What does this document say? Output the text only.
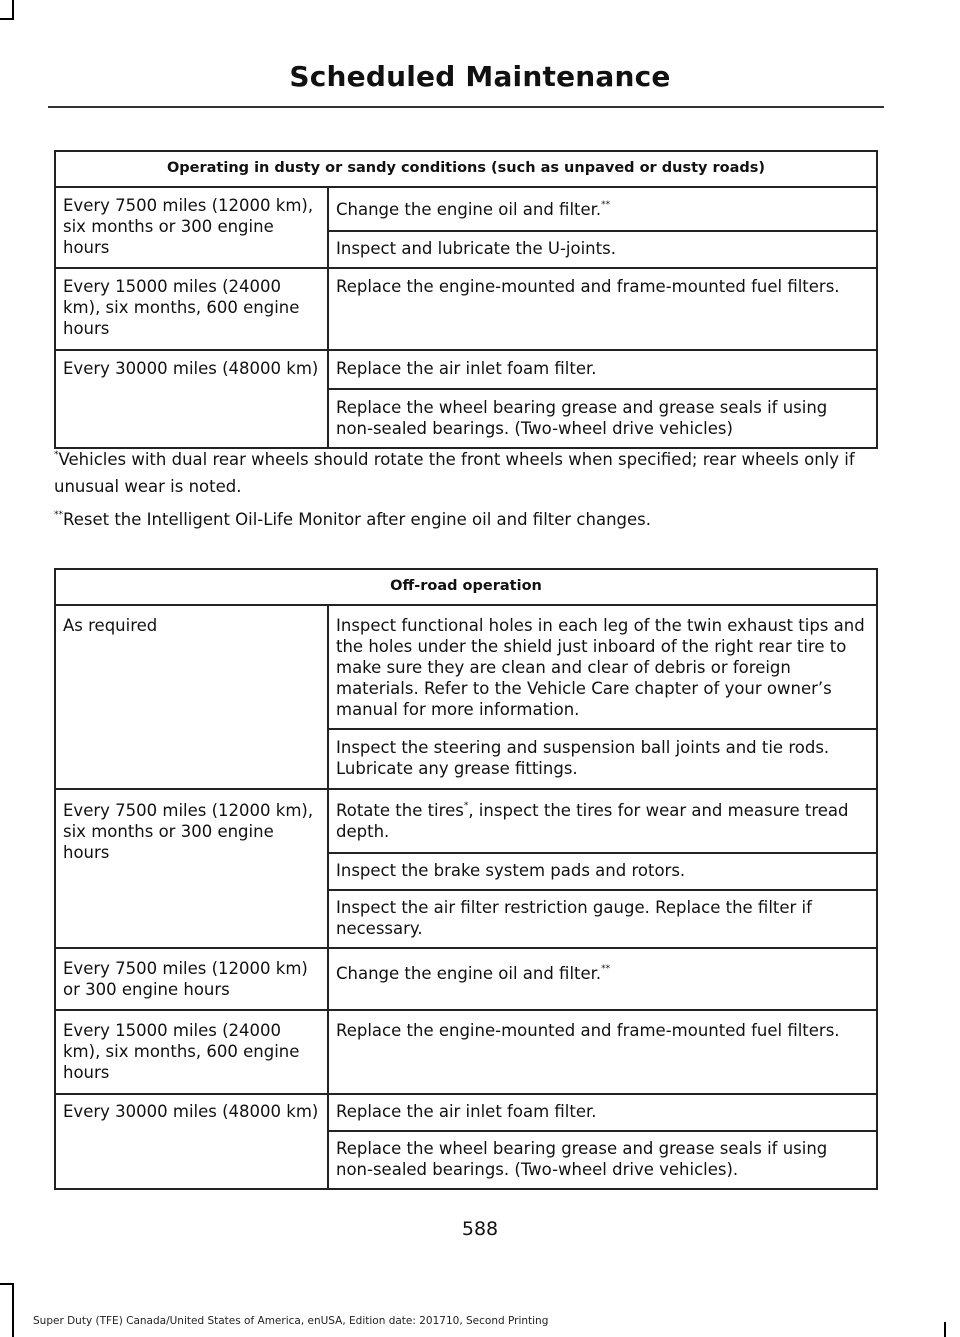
Scheduled Maintenance
Operating in dusty or sandy conditions (such as unpaved or dusty roads)	
Every 7500 miles (12000 km), six months or 300 engine hours	Change the engine oil and filter.**
	Inspect and lubricate the U-joints.
Every 15000 miles (24000 km), six months, 600 engine hours	Replace the engine-mounted and frame-mounted fuel filters.
Every 30000 miles (48000 km)	Replace the air inlet foam filter.
	Replace the wheel bearing grease and grease seals if using non-sealed bearings. (Two-wheel drive vehicles)

*Vehicles with dual rear wheels should rotate the front wheels when specified; rear wheels only if unusual wear is noted.

**Reset the Intelligent Oil-Life Monitor after engine oil and filter changes.

Off-road operation	
As required	Inspect functional holes in each leg of the twin exhaust tips and the holes under the shield just inboard of the right rear tire to make sure they are clean and clear of debris or foreign materials. Refer to the Vehicle Care chapter of your owner’s manual for more information.
	Inspect the steering and suspension ball joints and tie rods. Lubricate any grease fittings.
Every 7500 miles (12000 km), six months or 300 engine hours	Rotate the tires*, inspect the tires for wear and measure tread depth.
	Inspect the brake system pads and rotors.
	Inspect the air filter restriction gauge. Replace the filter if necessary.
Every 7500 miles (12000 km) or 300 engine hours	Change the engine oil and filter.**
Every 15000 miles (24000 km), six months, 600 engine hours	Replace the engine-mounted and frame-mounted fuel filters.
Every 30000 miles (48000 km)	Replace the air inlet foam filter.
	Replace the wheel bearing grease and grease seals if using non-sealed bearings. (Two-wheel drive vehicles).
588
Super Duty (TFE) Canada/United States of America, enUSA, Edition date: 201710, Second Printing
